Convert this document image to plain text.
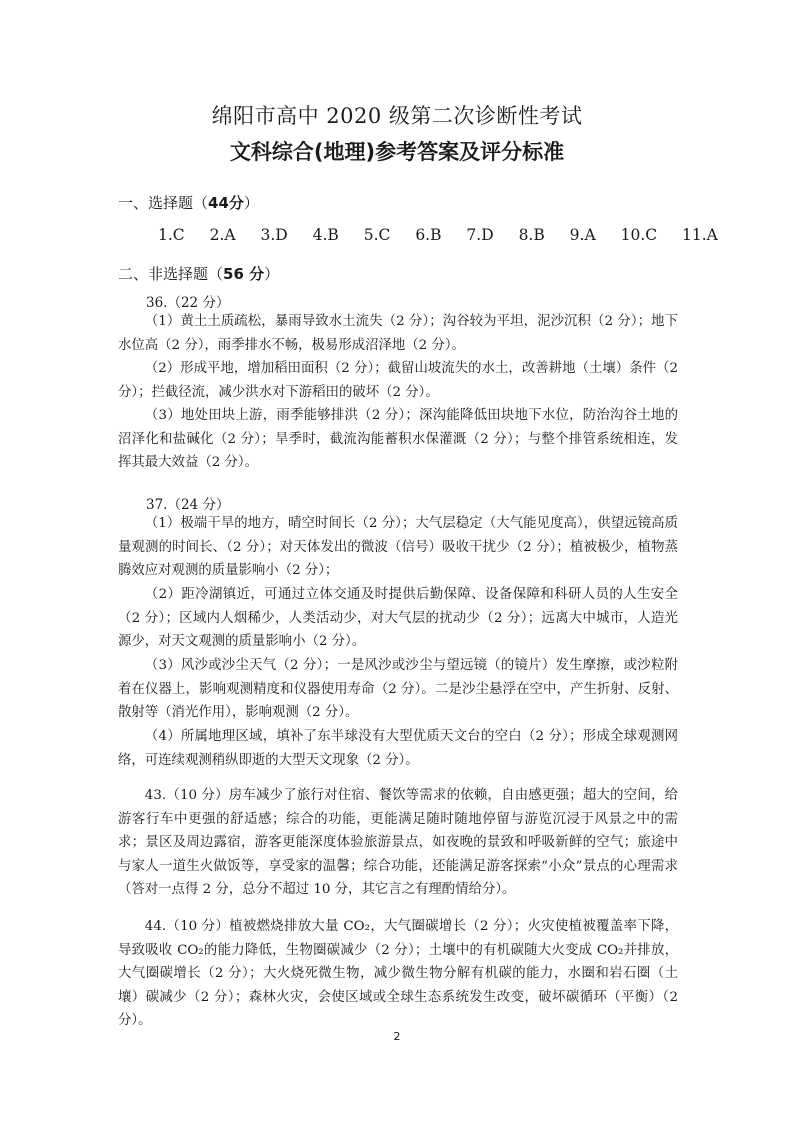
绵阳市高中 2020 级第二次诊断性考试
文科综合(地理)参考答案及评分标准
一、选择题（44分）
1.C 2.A 3.D 4.B 5.C 6.B 7.D 8.B 9.A 10.C 11.A
二、非选择题（56 分）
36.（22 分）
（1）黄土土质疏松，暴雨导致水土流失（2 分）；沟谷较为平坦，泥沙沉积（2 分）；地下水位高（2 分），雨季排水不畅，极易形成沼泽地（2 分）。
（2）形成平地，增加稻田面积（2 分）；截留山坡流失的水土，改善耕地（土壤）条件（2 分）；拦截径流，减少洪水对下游稻田的破坏（2 分）。
（3）地处田块上游，雨季能够排洪（2 分）；深沟能降低田块地下水位，防治沟谷土地的沼泽化和盐碱化（2 分）；旱季时，截流沟能蓄积水保灌溉（2 分）；与整个排管系统相连，发挥其最大效益（2 分）。
37.（24 分）
（1）极端干旱的地方，晴空时间长（2 分）；大气层稳定（大气能见度高），供望远镜高质量观测的时间长、（2 分）；对天体发出的微波（信号）吸收干扰少（2 分）；植被极少，植物蒸腾效应对观测的质量影响小（2 分）；
（2）距冷湖镇近，可通过立体交通及时提供后勤保障、设备保障和科研人员的人生安全（2 分）；区域内人烟稀少，人类活动少，对大气层的扰动少（2 分）；远离大中城市，人造光源少，对天文观测的质量影响小（2 分）。
（3）风沙或沙尘天气（2 分）；一是风沙或沙尘与望远镜（的镜片）发生摩擦，或沙粒附着在仪器上，影响观测精度和仪器使用寿命（2 分）。二是沙尘悬浮在空中，产生折射、反射、散射等（消光作用），影响观测（2 分）。
（4）所属地理区域，填补了东半球没有大型优质天文台的空白（2 分）；形成全球观测网络，可连续观测稍纵即逝的大型天文现象（2 分）。
43.（10 分）房车减少了旅行对住宿、餐饮等需求的依赖，自由感更强；超大的空间，给游客行车中更强的舒适感；综合的功能，更能满足随时随地停留与游览沉浸于风景之中的需求；景区及周边露宿，游客更能深度体验旅游景点，如夜晚的景致和呼吸新鲜的空气；旅途中与家人一道生火做饭等，享受家的温馨；综合功能，还能满足游客探索“小众”景点的心理需求（答对一点得 2 分，总分不超过 10 分，其它言之有理酌情给分）。
44.（10 分）植被燃烧排放大量 CO₂，大气圈碳增长（2 分）；火灾使植被覆盖率下降，导致吸收 CO₂的能力降低，生物圈碳减少（2 分）；土壤中的有机碳随大火变成 CO₂并排放，大气圈碳增长（2 分）；大火烧死微生物，减少微生物分解有机碳的能力，水圈和岩石圈（土壤）碳减少（2 分）；森林火灾，会使区域或全球生态系统发生改变，破坏碳循环（平衡）（2 分）。
2
